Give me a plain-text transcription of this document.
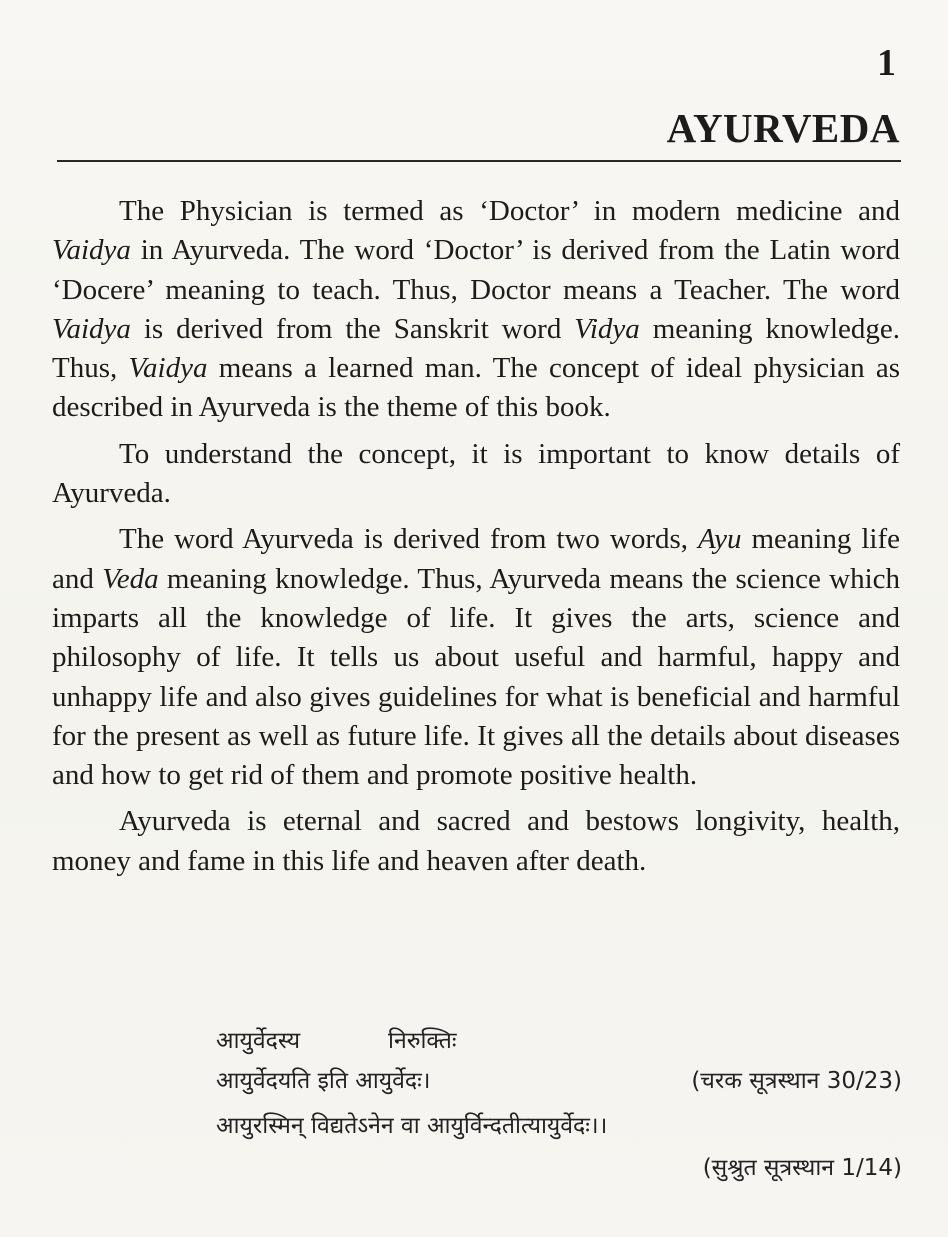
1
AYURVEDA

The Physician is termed as ‘Doctor’ in modern medicine and Vaidya in Ayurveda. The word ‘Doctor’ is derived from the Latin word ‘Docere’ meaning to teach. Thus, Doctor means a Teacher. The word Vaidya is derived from the Sanskrit word Vidya meaning knowledge. Thus, Vaidya means a learned man. The concept of ideal physician as described in Ayurveda is the theme of this book.

To understand the concept, it is important to know details of Ayurveda.

The word Ayurveda is derived from two words, Ayu meaning life and Veda meaning knowledge. Thus, Ayurveda means the science which imparts all the knowledge of life. It gives the arts, science and philosophy of life. It tells us about useful and harmful, happy and unhappy life and also gives guidelines for what is beneficial and harmful for the present as well as future life. It gives all the details about diseases and how to get rid of them and promote positive health.

Ayurveda is eternal and sacred and bestows longivity, health, money and fame in this life and heaven after death.

आयुर्वेदस्य	निरुक्तिः
आयुर्वेदयति इति आयुर्वेदः।	(चरक सूत्रस्थान 30/23)
आयुरस्मिन् विद्यतेऽनेन वा आयुर्विन्दतीत्यायुर्वेदः।।
(सुश्रुत सूत्रस्थान 1/14)
